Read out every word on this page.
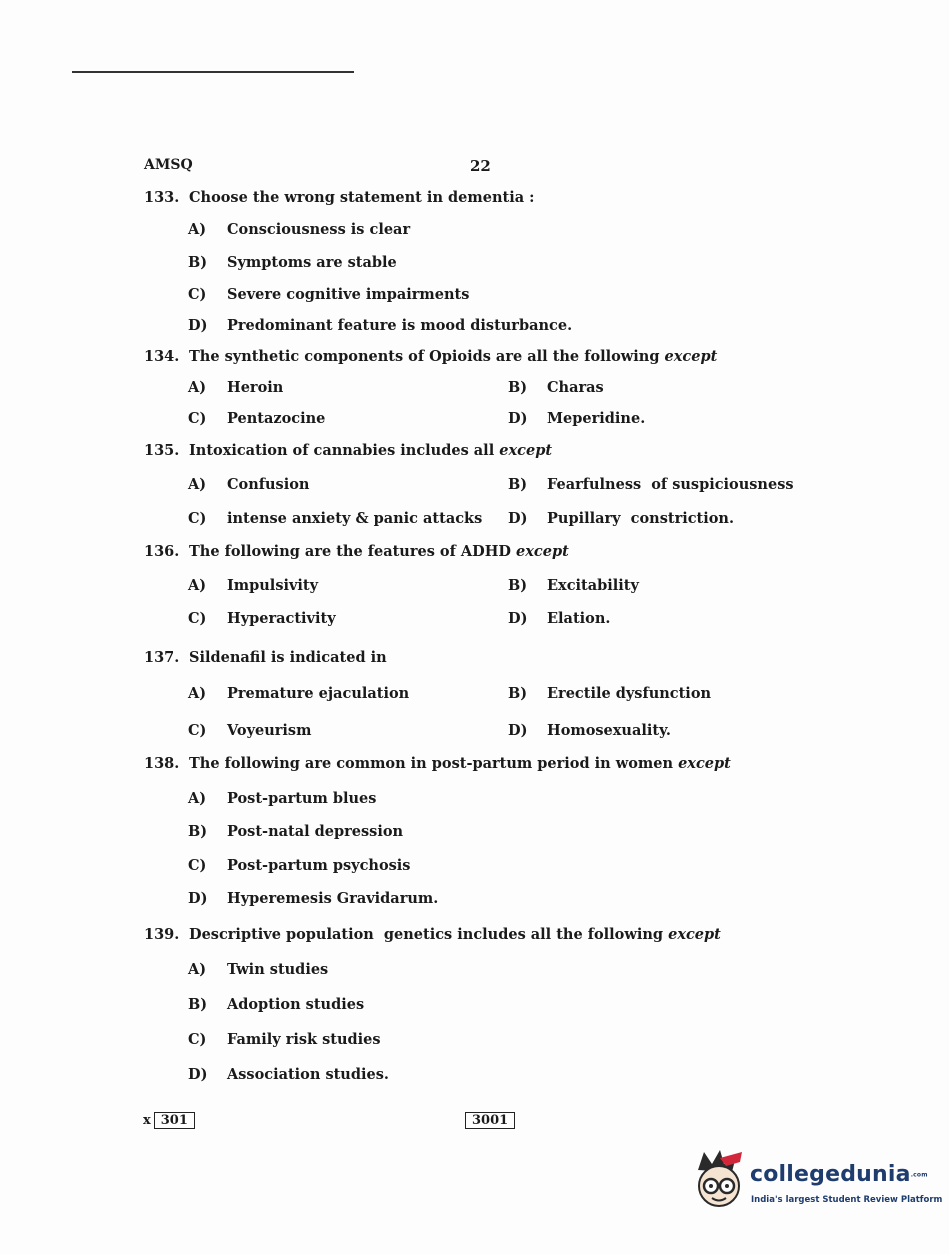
AMSQ	22
133. Choose the wrong statement in dementia :
A) Consciousness is clear
B) Symptoms are stable
C) Severe cognitive impairments
D) Predominant feature is mood disturbance.
134. The synthetic components of Opioids are all the following except
A) Heroin	B) Charas
C) Pentazocine	D) Meperidine.
135. Intoxication of cannabies includes all except
A) Confusion	B) Fearfulness  of suspiciousness
C) intense anxiety & panic attacks D) Pupillary  constriction.
136. The following are the features of ADHD except
A) Impulsivity	B) Excitability
C) Hyperactivity	D) Elation.
137. Sildenafil is indicated in
A) Premature ejaculation	B) Erectile dysfunction
C) Voyeurism	D) Homosexuality.
138. The following are common in post-partum period in women except
A) Post-partum blues
B) Post-natal depression
C) Post-partum psychosis
D) Hyperemesis Gravidarum.
139. Descriptive population  genetics includes all the following except
A) Twin studies
B) Adoption studies
C) Family risk studies
D) Association studies.
x 301	3001
collegedunia.com
India's largest Student Review Platform
